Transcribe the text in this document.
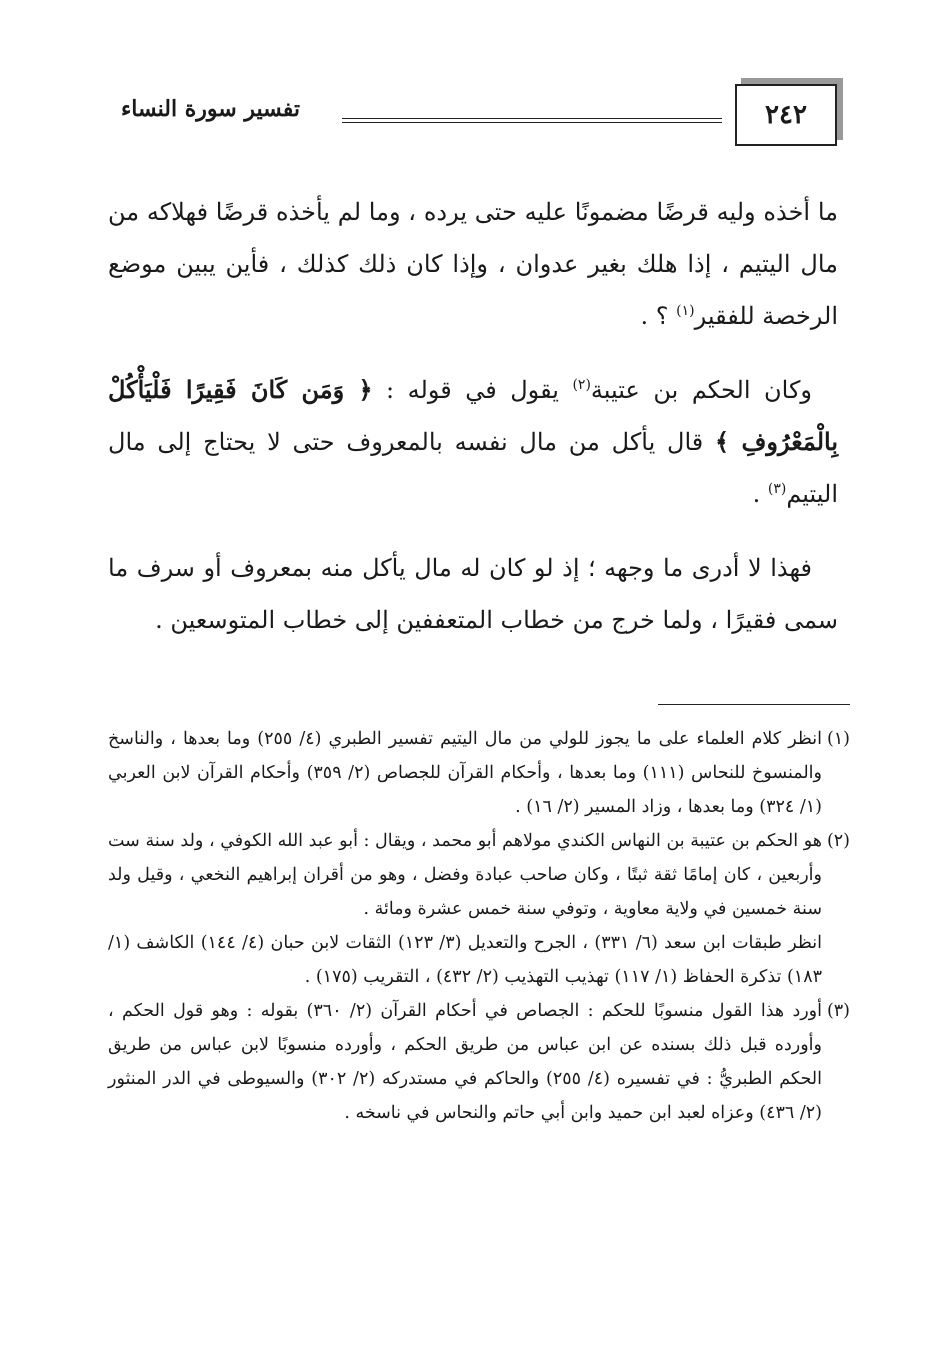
تفسير سورة النساء	٢٤٢

ما أخذه وليه قرضًا مضمونًا عليه حتى يرده ، وما لم يأخذه قرضًا فهلاكه من مال اليتيم ، إذا هلك بغير عدوان ، وإذا كان ذلك كذلك ، فأين يبين موضع الرخصة للفقير$^{(١)}$ ؟ .

وكان الحكم بن عتيبة$^{(٢)}$ يقول في قوله : ﴿ وَمَن كَانَ فَقِيرًا فَلْيَأْكُلْ بِالْمَعْرُوفِ ﴾ قال يأكل من مال نفسه بالمعروف حتى لا يحتاج إلى مال اليتيم$^{(٣)}$ .

فهذا لا أدرى ما وجهه ؛ إذ لو كان له مال يأكل منه بمعروف أو سرف ما سمى فقيرًا ، ولما خرج من خطاب المتعففين إلى خطاب المتوسعين .

(١)
انظر كلام العلماء على ما يجوز للولي من مال اليتيم تفسير الطبري (٤/ ٢٥٥) وما بعدها ، والناسخ والمنسوخ للنحاس (١١١) وما بعدها ، وأحكام القرآن للجصاص (٢/ ٣٥٩) وأحكام القرآن لابن العربي (١/ ٣٢٤) وما بعدها ، وزاد المسير (٢/ ١٦) .
(٢)
هو الحكم بن عتيبة بن النهاس الكندي مولاهم أبو محمد ، ويقال : أبو عبد الله الكوفي ، ولد سنة ست وأربعين ، كان إمامًا ثقة ثبتًا ، وكان صاحب عبادة وفضل ، وهو من أقران إبراهيم النخعي ، وقيل ولد سنة خمسين في ولاية معاوية ، وتوفي سنة خمس عشرة ومائة .
انظر طبقات ابن سعد (٦/ ٣٣١) ، الجرح والتعديل (٣/ ١٢٣) الثقات لابن حبان (٤/ ١٤٤) الكاشف (١/ ١٨٣) تذكرة الحفاظ (١/ ١١٧) تهذيب التهذيب (٢/ ٤٣٢) ، التقريب (١٧٥) .
(٣)
أورد هذا القول منسوبًا للحكم : الجصاص في أحكام القرآن (٢/ ٣٦٠) بقوله : وهو قول الحكم ، وأورده قبل ذلك بسنده عن ابن عباس من طريق الحكم ، وأورده منسوبًا لابن عباس من طريق الحكم الطبريُّ : في تفسيره (٤/ ٢٥٥) والحاكم في مستدركه (٢/ ٣٠٢) والسيوطى في الدر المنثور (٢/ ٤٣٦) وعزاه لعبد ابن حميد وابن أبي حاتم والنحاس في ناسخه .
